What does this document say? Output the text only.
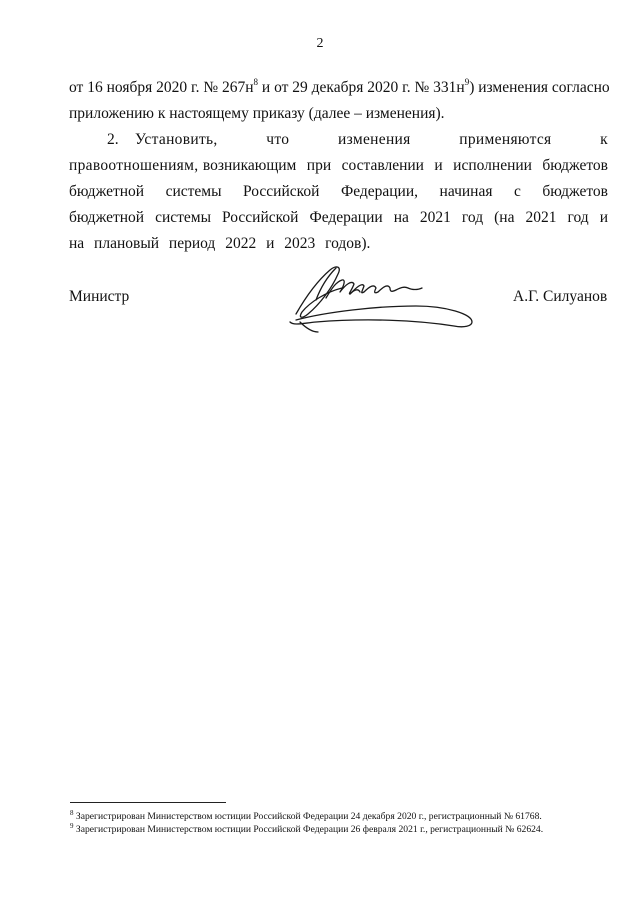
2
от 16 ноября 2020 г. № $267н^8$ и от 29 декабря 2020 г. № $331н^9$) изменения согласно
приложению к настоящему приказу (далее – изменения).
2. Установить, что изменения применяются к правоотношениям, возникающим при составлении и исполнении бюджетов бюджетной системы Российской Федерации, начиная с бюджетов бюджетной системы Российской Федерации на 2021 год (на 2021 год и на плановый период 2022 и 2023 годов).
Министр	А.Г. Силуанов
$^8$ Зарегистрирован Министерством юстиции Российской Федерации 24 декабря 2020 г., регистрационный № 61768.
$^9$ Зарегистрирован Министерством юстиции Российской Федерации 26 февраля 2021 г., регистрационный № 62624.
